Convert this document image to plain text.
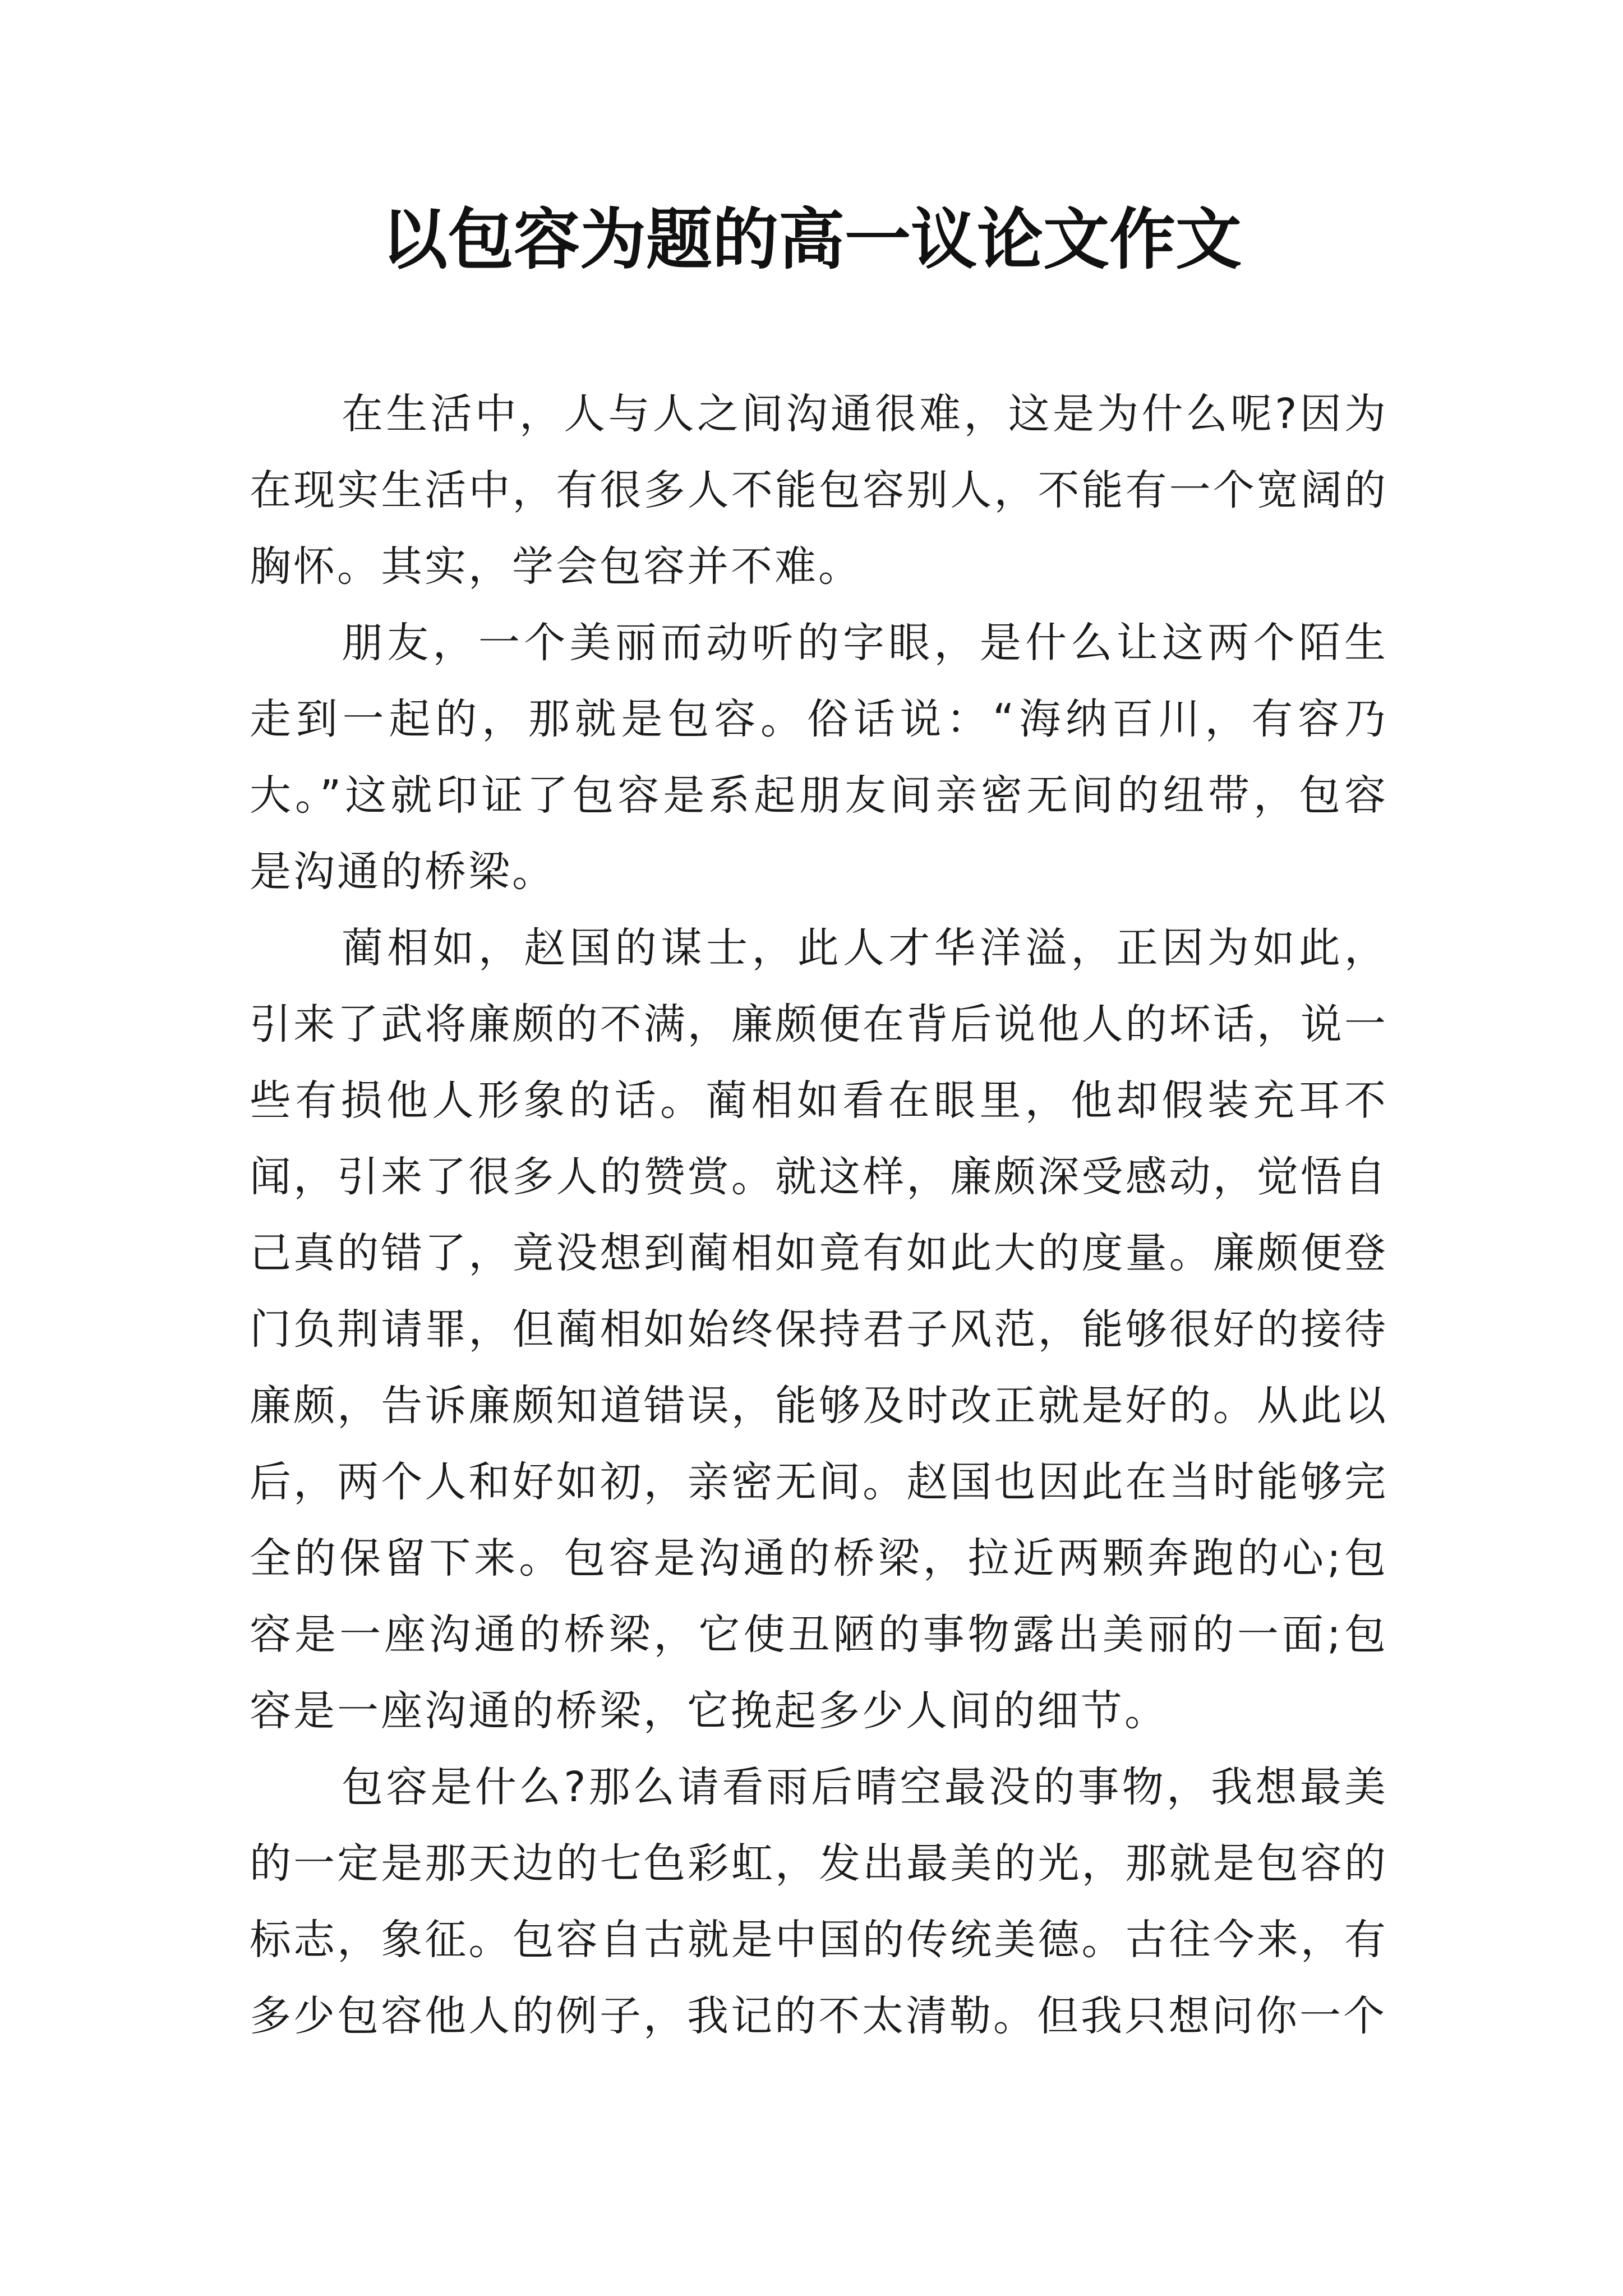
以包容为题的高一议论文作文

在生活中，人与人之间沟通很难，这是为什么呢?因为在现实生活中，有很多人不能包容别人，不能有一个宽阔的胸怀。其实，学会包容并不难。

朋友，一个美丽而动听的字眼，是什么让这两个陌生走到一起的，那就是包容。俗话说：“海纳百川，有容乃大。”这就印证了包容是系起朋友间亲密无间的纽带，包容是沟通的桥梁。

蔺相如，赵国的谋士，此人才华洋溢，正因为如此，引来了武将廉颇的不满，廉颇便在背后说他人的坏话，说一些有损他人形象的话。蔺相如看在眼里，他却假装充耳不闻，引来了很多人的赞赏。就这样，廉颇深受感动，觉悟自己真的错了，竟没想到蔺相如竟有如此大的度量。廉颇便登门负荆请罪，但蔺相如始终保持君子风范，能够很好的接待廉颇，告诉廉颇知道错误，能够及时改正就是好的。从此以后，两个人和好如初，亲密无间。赵国也因此在当时能够完全的保留下来。包容是沟通的桥梁，拉近两颗奔跑的心;包容是一座沟通的桥梁，它使丑陋的事物露出美丽的一面;包容是一座沟通的桥梁，它挽起多少人间的细节。

包容是什么?那么请看雨后晴空最没的事物，我想最美的一定是那天边的七色彩虹，发出最美的光，那就是包容的标志，象征。包容自古就是中国的传统美德。古往今来，有多少包容他人的例子，我记的不太清勒。但我只想问你一个
